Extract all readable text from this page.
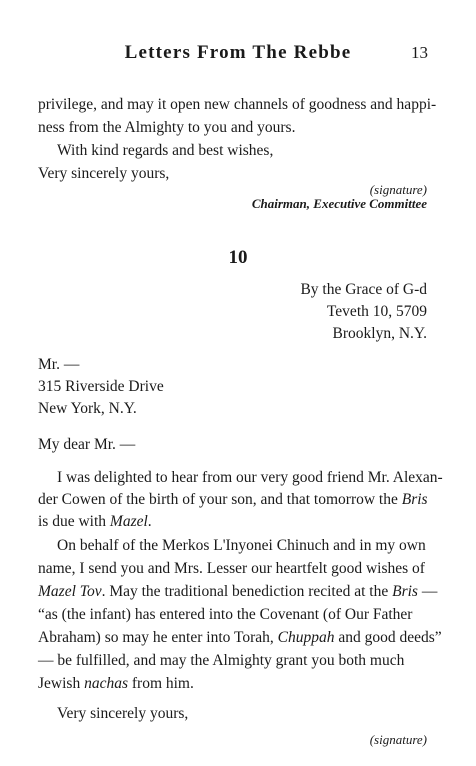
Letters From The Rebbe	13
privilege, and may it open new channels of goodness and happi-
ness from the Almighty to you and yours.
With kind regards and best wishes,
Very sincerely yours,
(signature)
Chairman, Executive Committee
10
By the Grace of G-d
Teveth 10, 5709
Brooklyn, N.Y.
Mr. —
315 Riverside Drive
New York, N.Y.
My dear Mr. —
I was delighted to hear from our very good friend Mr. Alexan-
der Cowen of the birth of your son, and that tomorrow the Bris
is due with Mazel.
On behalf of the Merkos L'Inyonei Chinuch and in my own
name, I send you and Mrs. Lesser our heartfelt good wishes of
Mazel Tov. May the traditional benediction recited at the Bris —
“as (the infant) has entered into the Covenant (of Our Father
Abraham) so may he enter into Torah, Chuppah and good deeds”
— be fulfilled, and may the Almighty grant you both much
Jewish nachas from him.
Very sincerely yours,
(signature)
